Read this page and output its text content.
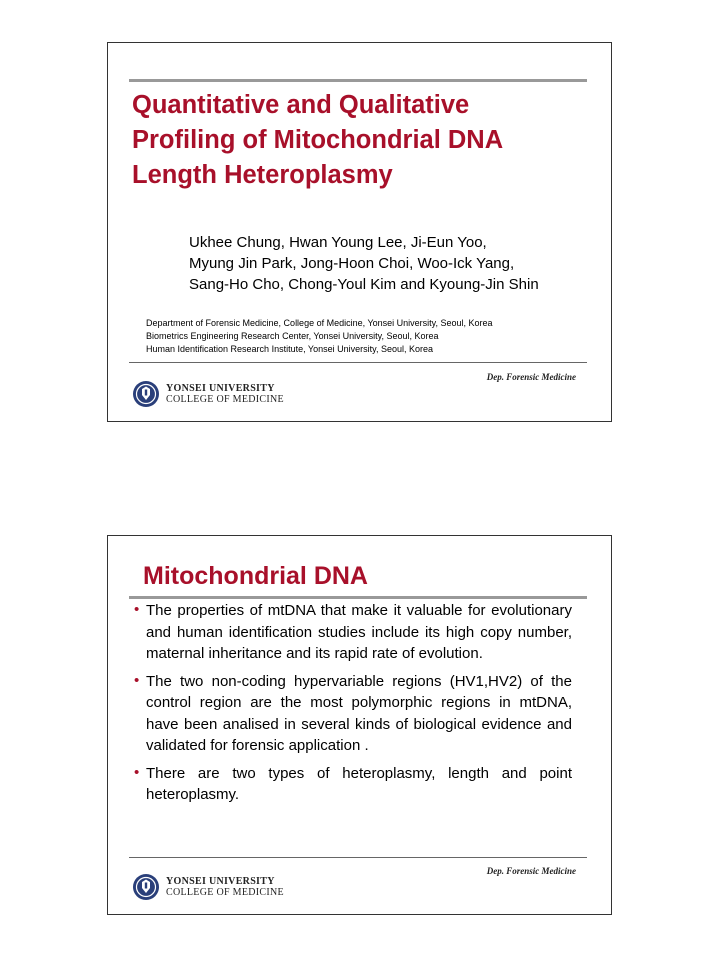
Quantitative and Qualitative
Profiling of Mitochondrial DNA
Length Heteroplasmy
Ukhee Chung, Hwan Young Lee, Ji-Eun Yoo,
Myung Jin Park, Jong-Hoon Choi, Woo-Ick Yang,
Sang-Ho Cho, Chong-Youl Kim and Kyoung-Jin Shin
Department of Forensic Medicine, College of Medicine, Yonsei University, Seoul, Korea
Biometrics Engineering Research Center, Yonsei University, Seoul, Korea
Human Identification Research Institute, Yonsei University, Seoul, Korea
YONSEI UNIVERSITY
COLLEGE OF MEDICINE
Dep. Forensic Medicine
Mitochondrial DNA
• The properties of mtDNA that make it valuable for evolutionary and human identification studies include its high copy number, maternal inheritance and its rapid rate of evolution.
• The two non-coding hypervariable regions (HV1,HV2) of the control region are the most polymorphic regions in mtDNA, have been analised in several kinds of biological evidence and validated for forensic application .
• There are two types of heteroplasmy, length and point heteroplasmy.
YONSEI UNIVERSITY
COLLEGE OF MEDICINE
Dep. Forensic Medicine
